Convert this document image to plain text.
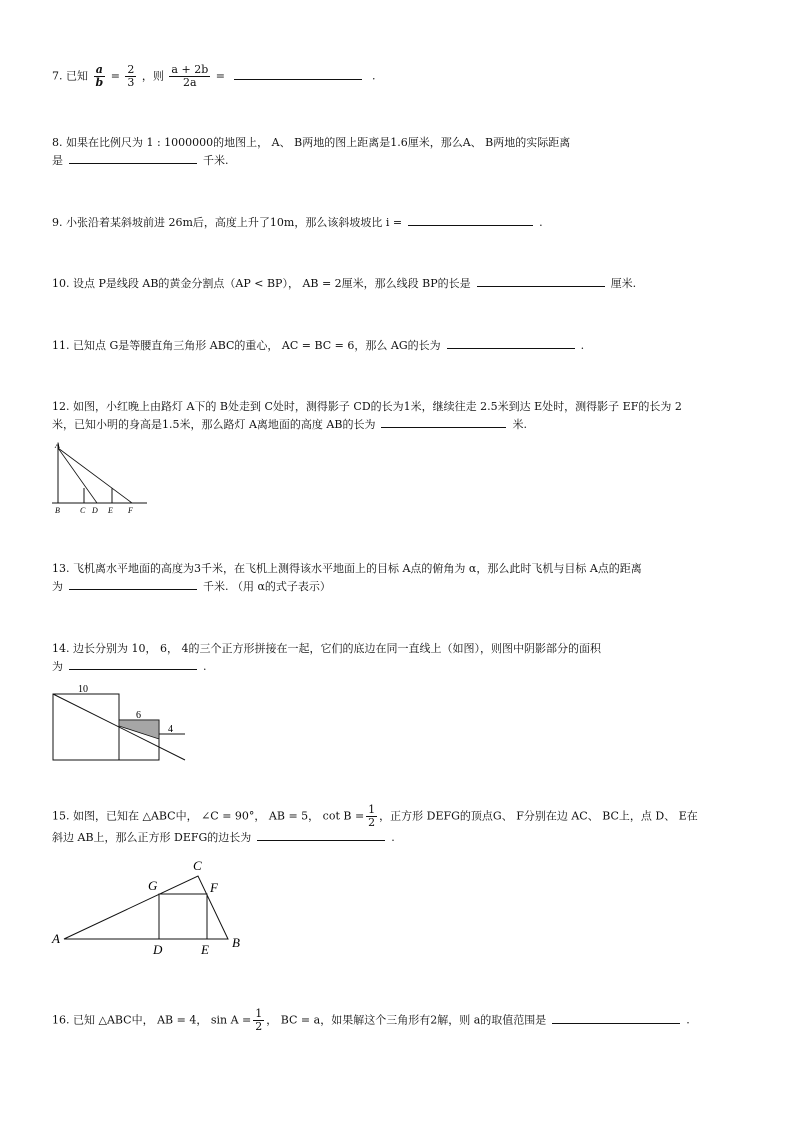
7. 已知 $\frac{a}{b} = \frac{2}{3}$ ，则 $\frac{a + 2b}{2a}$ =	.

8. 如果在比例尺为 1 : 1000000的地图上， A、 B两地的图上距离是1.6厘米，那么A、 B两地的实际距离

是	千米.

9. 小张沿着某斜坡前进 26m后，高度上升了10m，那么该斜坡坡比 i =	.
10. 设点 P是线段 AB的黄金分割点（AP < BP）， AB = 2厘米，那么线段 BP的长是	厘米.
11. 已知点 G是等腰直角三角形 ABC的重心， AC = BC = 6，那么 AG的长为	.

12. 如图，小红晚上由路灯 A下的 B处走到 C处时，测得影子 CD的长为1米，继续往走 2.5米到达 E处时，测得影子 EF的长为 2

米，已知小明的身高是1.5米，那么路灯 A离地面的高度 AB的长为	米.

A
B	C D E F

13. 飞机离水平地面的高度为3千米，在飞机上测得该水平地面上的目标 A点的俯角为 α，那么此时飞机与目标 A点的距离

为	千米. （用 α的式子表示）

14. 边长分别为 10， 6， 4的三个正方形拼接在一起，它们的底边在同一直线上（如图），则图中阴影部分的面积

为	.

10
6
4

15. 如图，已知在 △ABC中， ∠C = 90°， AB = 5， $\cot B = \frac{1}{2}$ ，正方形 DEFG的顶点G、 F分别在边 AC、 BC上，点 D、 E在

斜边 AB上，那么正方形 DEFG的边长为	.

A	B
C
D	E
F
G
16. 已知 △ABC中， AB = 4， $\sin A = \frac{1}{2}$ ， BC = a，如果解这个三角形有2解，则 a的取值范围是	.
